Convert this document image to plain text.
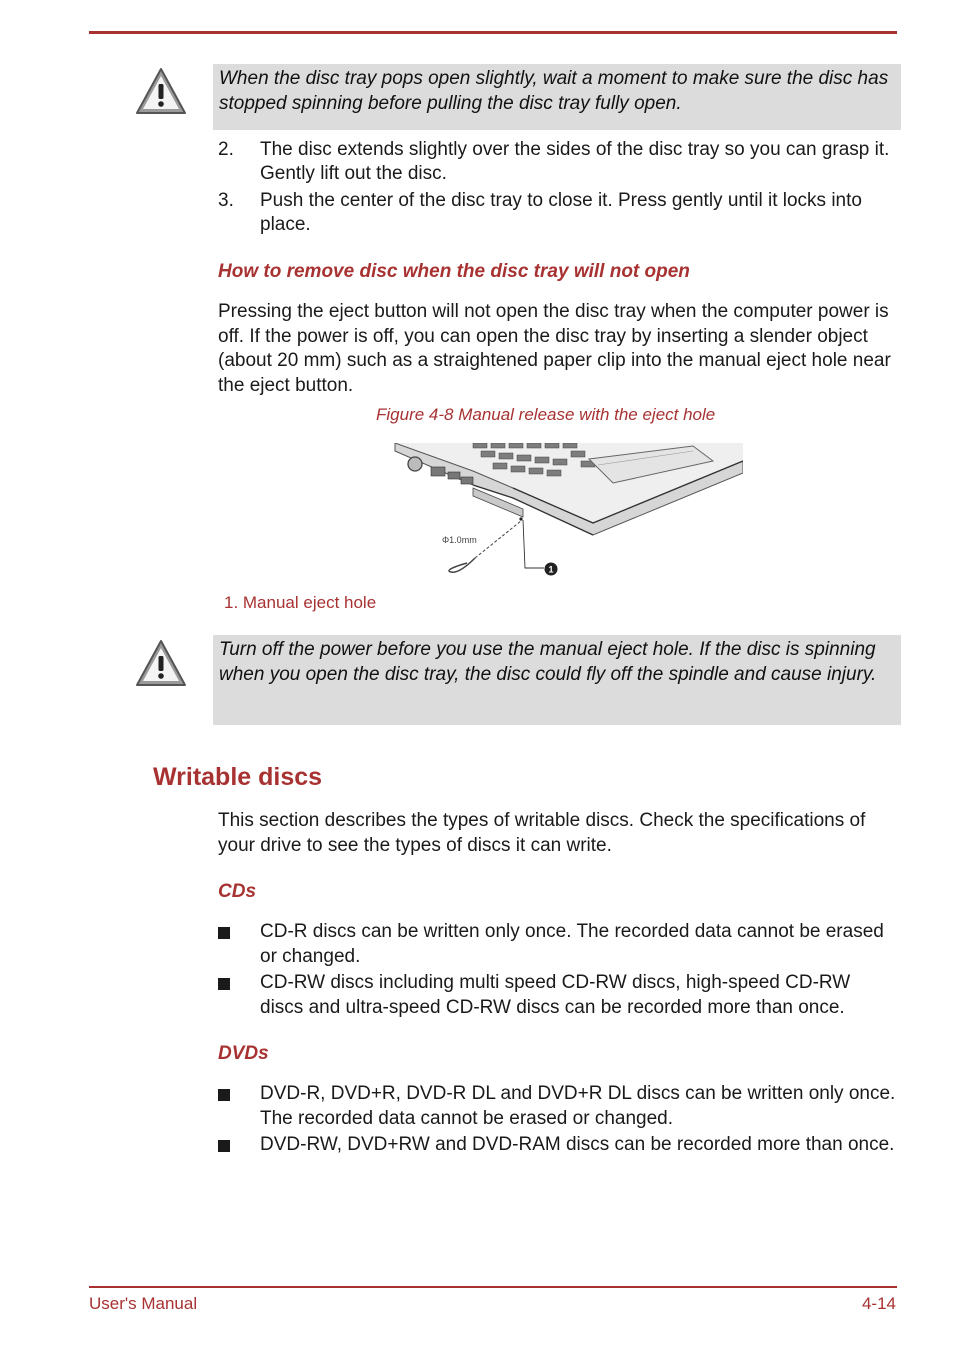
When the disc tray pops open slightly, wait a moment to make sure the disc has stopped spinning before pulling the disc tray fully open.

2. The disc extends slightly over the sides of the disc tray so you can grasp it. Gently lift out the disc.
3. Push the center of the disc tray to close it. Press gently until it locks into place.
How to remove disc when the disc tray will not open

Pressing the eject button will not open the disc tray when the computer power is off. If the power is off, you can open the disc tray by inserting a slender object (about 20 mm) such as a straightened paper clip into the manual eject hole near the eject button.

Figure 4-8 Manual release with the eject hole
1
Φ1.0mm
1. Manual eject hole

Turn off the power before you use the manual eject hole. If the disc is spinning when you open the disc tray, the disc could fly off the spindle and cause injury.

Writable discs

This section describes the types of writable discs. Check the specifications of your drive to see the types of discs it can write.

CDs
CD-R discs can be written only once. The recorded data cannot be erased or changed.
CD-RW discs including multi speed CD-RW discs, high-speed CD-RW discs and ultra-speed CD-RW discs can be recorded more than once.
DVDs
DVD-R, DVD+R, DVD-R DL and DVD+R DL discs can be written only once. The recorded data cannot be erased or changed.
DVD-RW, DVD+RW and DVD-RAM discs can be recorded more than once.
User's Manual	4-14
